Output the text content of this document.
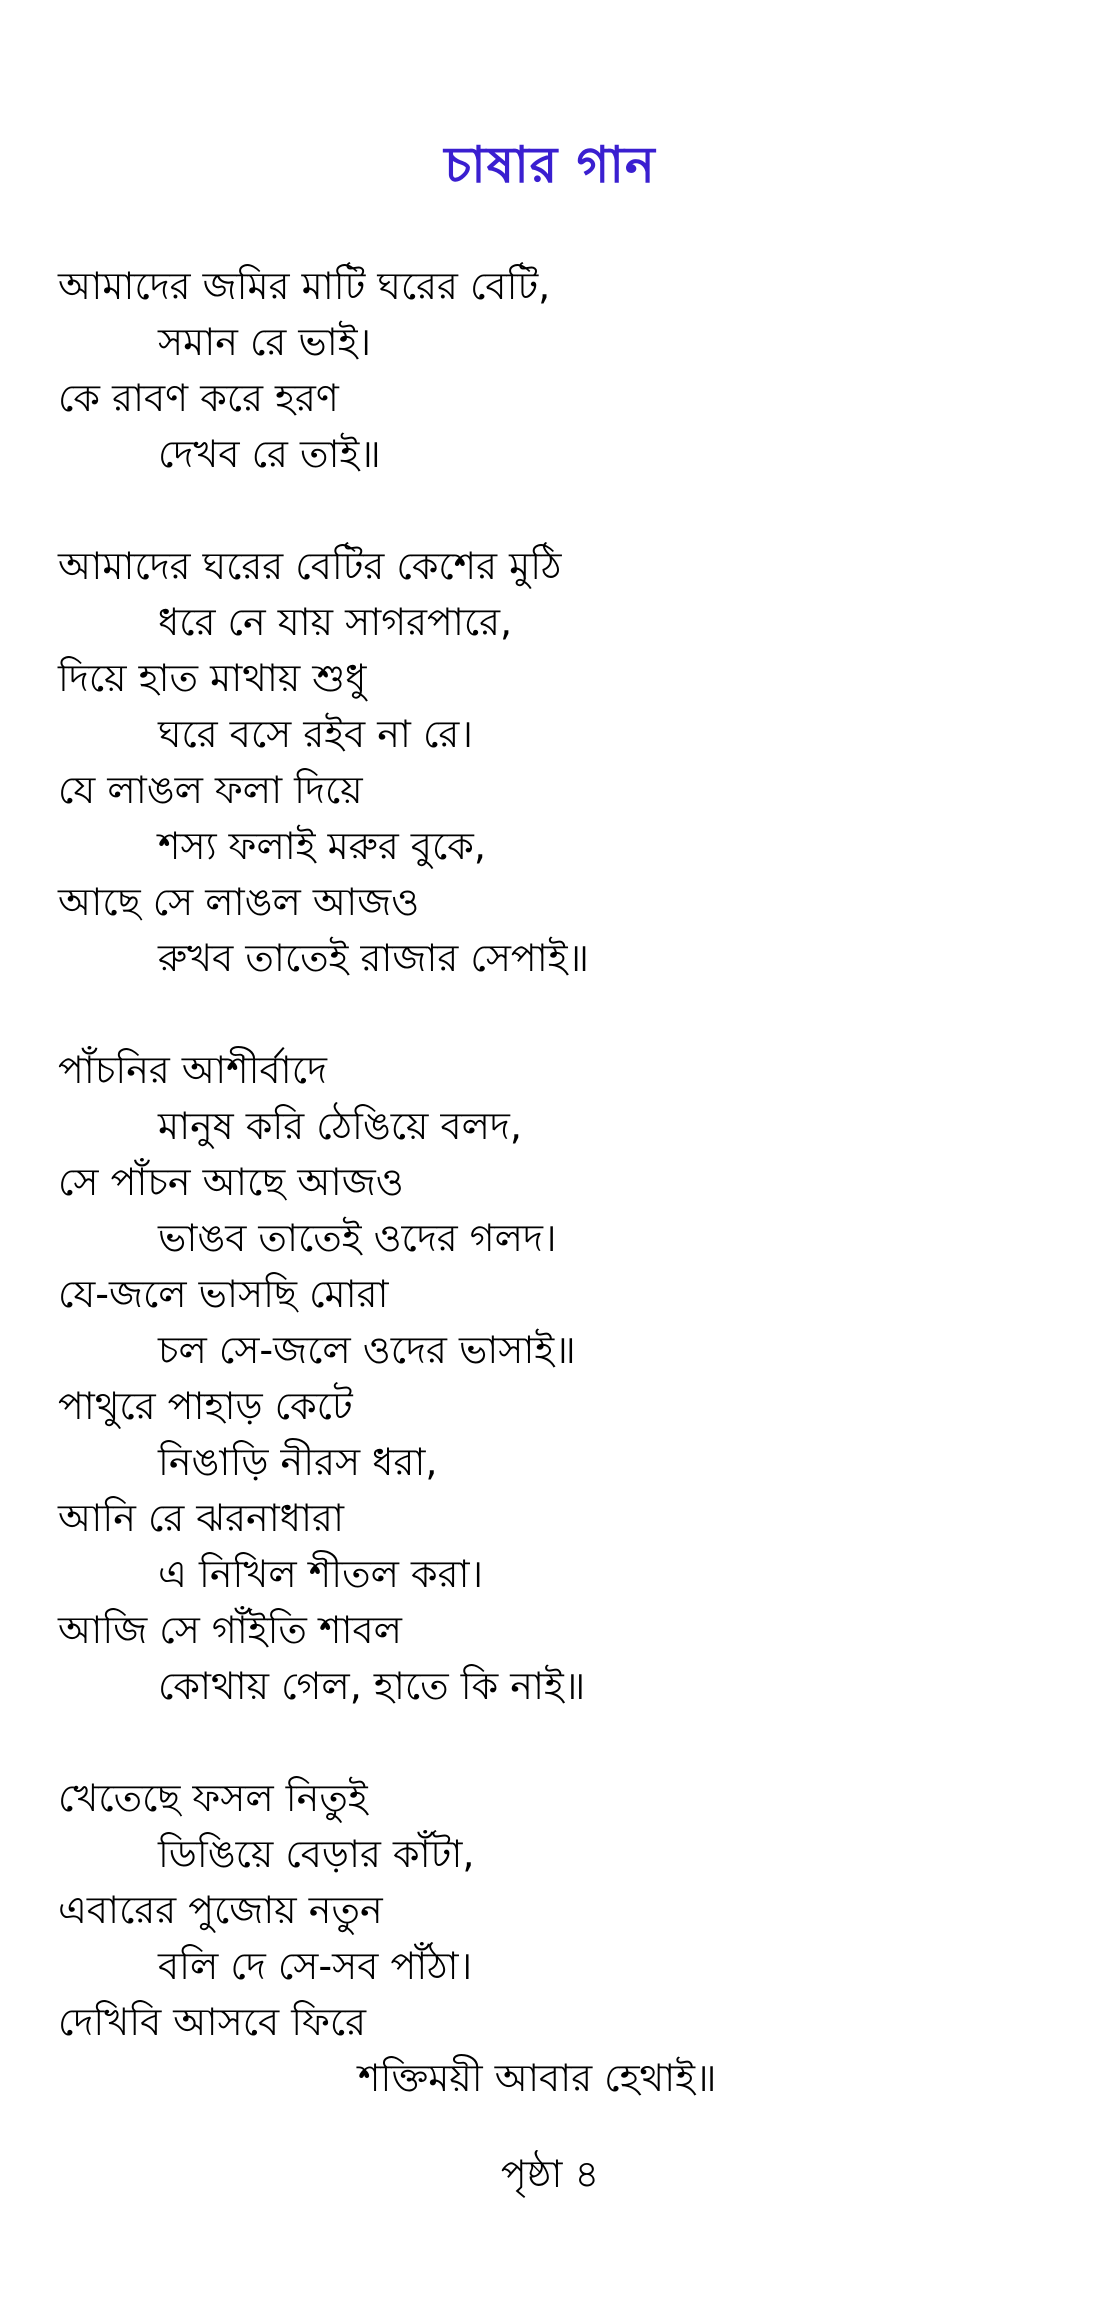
চাষার গান
আমাদের জমির মাটি ঘরের বেটি,
সমান রে ভাই।
কে রাবণ করে হরণ
দেখব রে তাই॥
আমাদের ঘরের বেটির কেশের মুঠি
ধরে নে যায় সাগরপারে,
দিয়ে হাত মাথায় শুধু
ঘরে বসে রইব না রে।
যে লাঙল ফলা দিয়ে
শস্য ফলাই মরুর বুকে,
আছে সে লাঙল আজও
রুখব তাতেই রাজার সেপাই॥
পাঁচনির আশীর্বাদে
মানুষ করি ঠেঙিয়ে বলদ,
সে পাঁচন আছে আজও
ভাঙব তাতেই ওদের গলদ।
যে-জলে ভাসছি মোরা
চল সে-জলে ওদের ভাসাই॥
পাথুরে পাহাড় কেটে
নিঙাড়ি নীরস ধরা,
আনি রে ঝরনাধারা
এ নিখিল শীতল করা।
আজি সে গাঁইতি শাবল
কোথায় গেল, হাতে কি নাই॥
খেতেছে ফসল নিতুই
ডিঙিয়ে বেড়ার কাঁটা,
এবারের পুজোয় নতুন
বলি দে সে-সব পাঁঠা।
দেখিবি আসবে ফিরে
শক্তিময়ী আবার হেথাই॥
পৃষ্ঠা ৪
